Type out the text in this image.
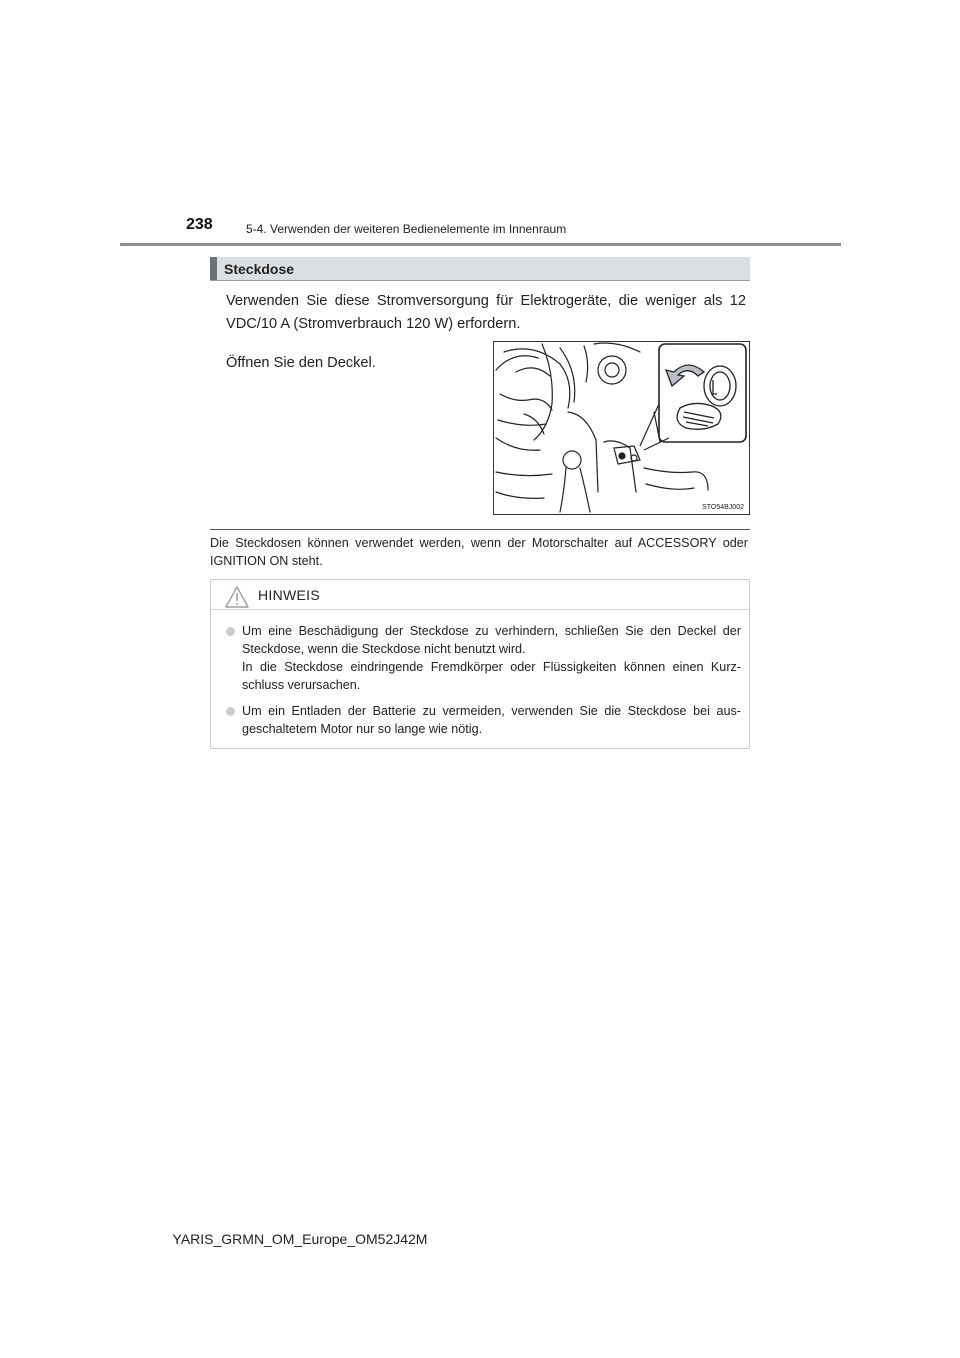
238	5-4. Verwenden der weiteren Bedienelemente im Innenraum
Steckdose
Verwenden Sie diese Stromversorgung für Elektrogeräte, die weniger als 12 VDC/10 A (Stromverbrauch 120 W) erfordern.
Öffnen Sie den Deckel.
STO54BJ002
Die Steckdosen können verwendet werden, wenn der Motorschalter auf ACCESSORY oder IGNITION ON steht.
HINWEIS
Um eine Beschädigung der Steckdose zu verhindern, schließen Sie den Deckel der Steckdose, wenn die Steckdose nicht benutzt wird.
In die Steckdose eindringende Fremdkörper oder Flüssigkeiten können einen Kurz-schluss verursachen.
Um ein Entladen der Batterie zu vermeiden, verwenden Sie die Steckdose bei aus-geschaltetem Motor nur so lange wie nötig.
YARIS_GRMN_OM_Europe_OM52J42M
